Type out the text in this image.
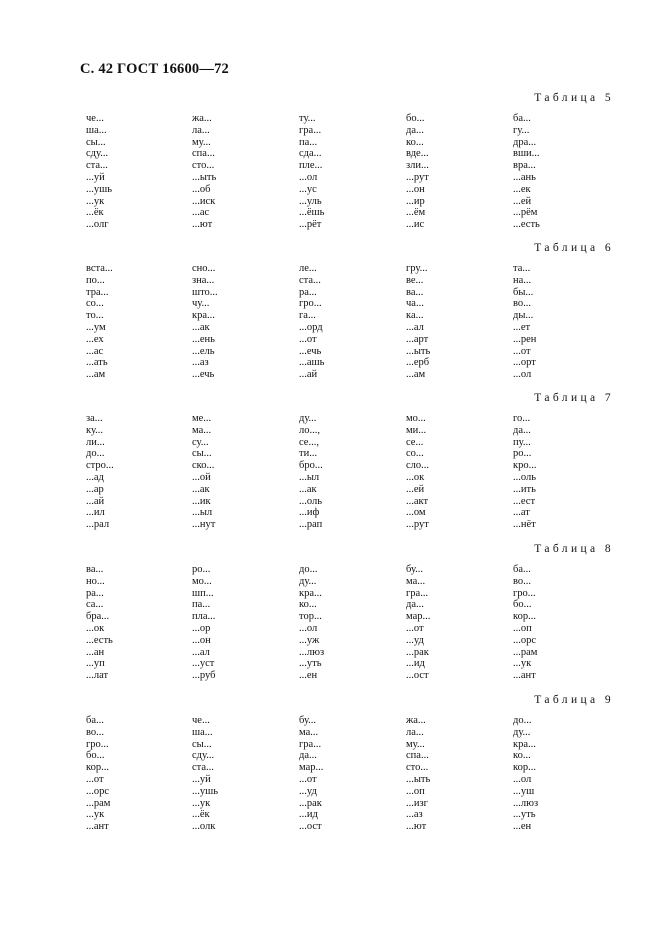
С. 42 ГОСТ 16600—72
Таблица 5
че...
ша...
сы...
сду...
ста...
...уй
...ушь
...ук
...ёк
...олг
жа...
ла...
му...
спа...
сто...
...ыть
...об
...иск
...ас
...ют
ту...
гра...
па...
сда...
пле...
...ол
...ус
...уль
...ёшь
...рёт
бо...
да...
ко...
вде...
зли...
...рут
...он
...ир
...ём
...ис
ба...
гу...
дра...
вши...
вра...
...ань
...ек
...ей
...рём
...есть
Таблица 6
вста...
по...
тра...
со...
то...
...ум
...ех
...ас
...ать
...ам
сно...
зна...
што...
чу...
кра...
...ак
...ень
...ель
...аз
...ечь
ле...
ста...
ра...
гро...
га...
...орд
...от
...ечь
...ашь
...ай
гру...
ве...
ва...
ча...
ка...
...ал
...арт
...ыть
...ерб
...ам
та...
на...
бы...
во...
ды...
...ет
...рен
...от
...орт
...ол
Таблица 7
за...
ку...
ли...
до...
стро...
...ад
...ар
...ай
...ил
...рал
ме...
ма...
су...
сы...
ско...
...ой
...ак
...ик
...ыл
...нут
ду...
ло...,
се...,
ти...
бро...
...ыл
...ак
...оль
...иф
...рап
мо...
ми...
се...
со...
сло...
...ок
...ей
...акт
...ом
...рут
го...
да...
пу...
ро...
кро...
...оль
...ить
...ест
...ат
...нёт
Таблица 8
ва...
но...
ра...
са...
бра...
...ок
...есть
...ан
...уп
...лат
ро...
мо...
шп...
па...
пла...
...ор
...он
...ал
...уст
...руб
до...
ду...
кра...
ко...
тор...
...ол
...уж
...люз
...уть
...ен
бу...
ма...
гра...
да...
мар...
...от
...уд
...рак
...ид
...ост
ба...
во...
гро...
бо...
кор...
...оп
...орс
...рам
...ук
...ант
Таблица 9
ба...
во...
гро...
бо...
кор...
...от
...орс
...рам
...ук
...ант
че...
ша...
сы...
сду...
ста...
...уй
...ушь
...ук
...ёк
...олк
бу...
ма...
гра...
да...
мар...
...от
...уд
...рак
...ид
...ост
жа...
ла...
му...
спа...
сто...
...ыть
...оп
...изг
...аз
...ют
до...
ду...
кра...
ко...
кор...
...ол
...уш
...люз
...уть
...ен
